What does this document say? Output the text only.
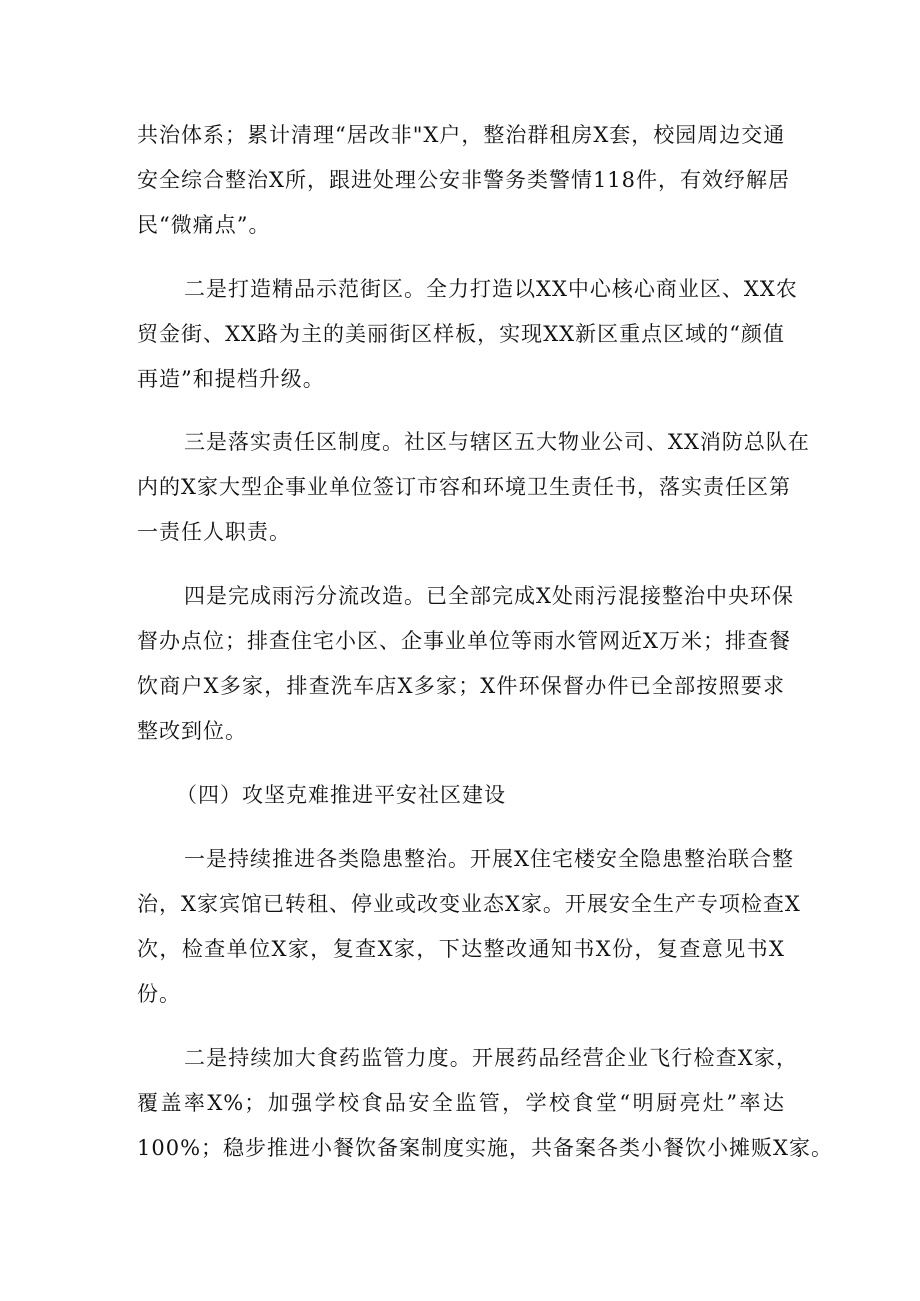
共治体系；累计清理“居改非"X户，整治群租房X套，校园周边交通
安全综合整治X所，跟进处理公安非警务类警情118件，有效纾解居
民“微痛点”。
二是打造精品示范街区。全力打造以XX中心核心商业区、XX农
贸金街、XX路为主的美丽街区样板，实现XX新区重点区域的“颜值
再造”和提档升级。
三是落实责任区制度。社区与辖区五大物业公司、XX消防总队在
内的X家大型企事业单位签订市容和环境卫生责任书，落实责任区第
一责任人职责。
四是完成雨污分流改造。已全部完成X处雨污混接整治中央环保
督办点位；排查住宅小区、企事业单位等雨水管网近X万米；排查餐
饮商户X多家，排查洗车店X多家；X件环保督办件已全部按照要求
整改到位。
（四）攻坚克难推进平安社区建设
一是持续推进各类隐患整治。开展X住宅楼安全隐患整治联合整
治，X家宾馆已转租、停业或改变业态X家。开展安全生产专项检查X
次，检查单位X家，复查X家，下达整改通知书X份，复查意见书X
份。
二是持续加大食药监管力度。开展药品经营企业飞行检查X家，
覆盖率X%；加强学校食品安全监管，学校食堂“明厨亮灶”率达
100%；稳步推进小餐饮备案制度实施，共备案各类小餐饮小摊贩X家。
